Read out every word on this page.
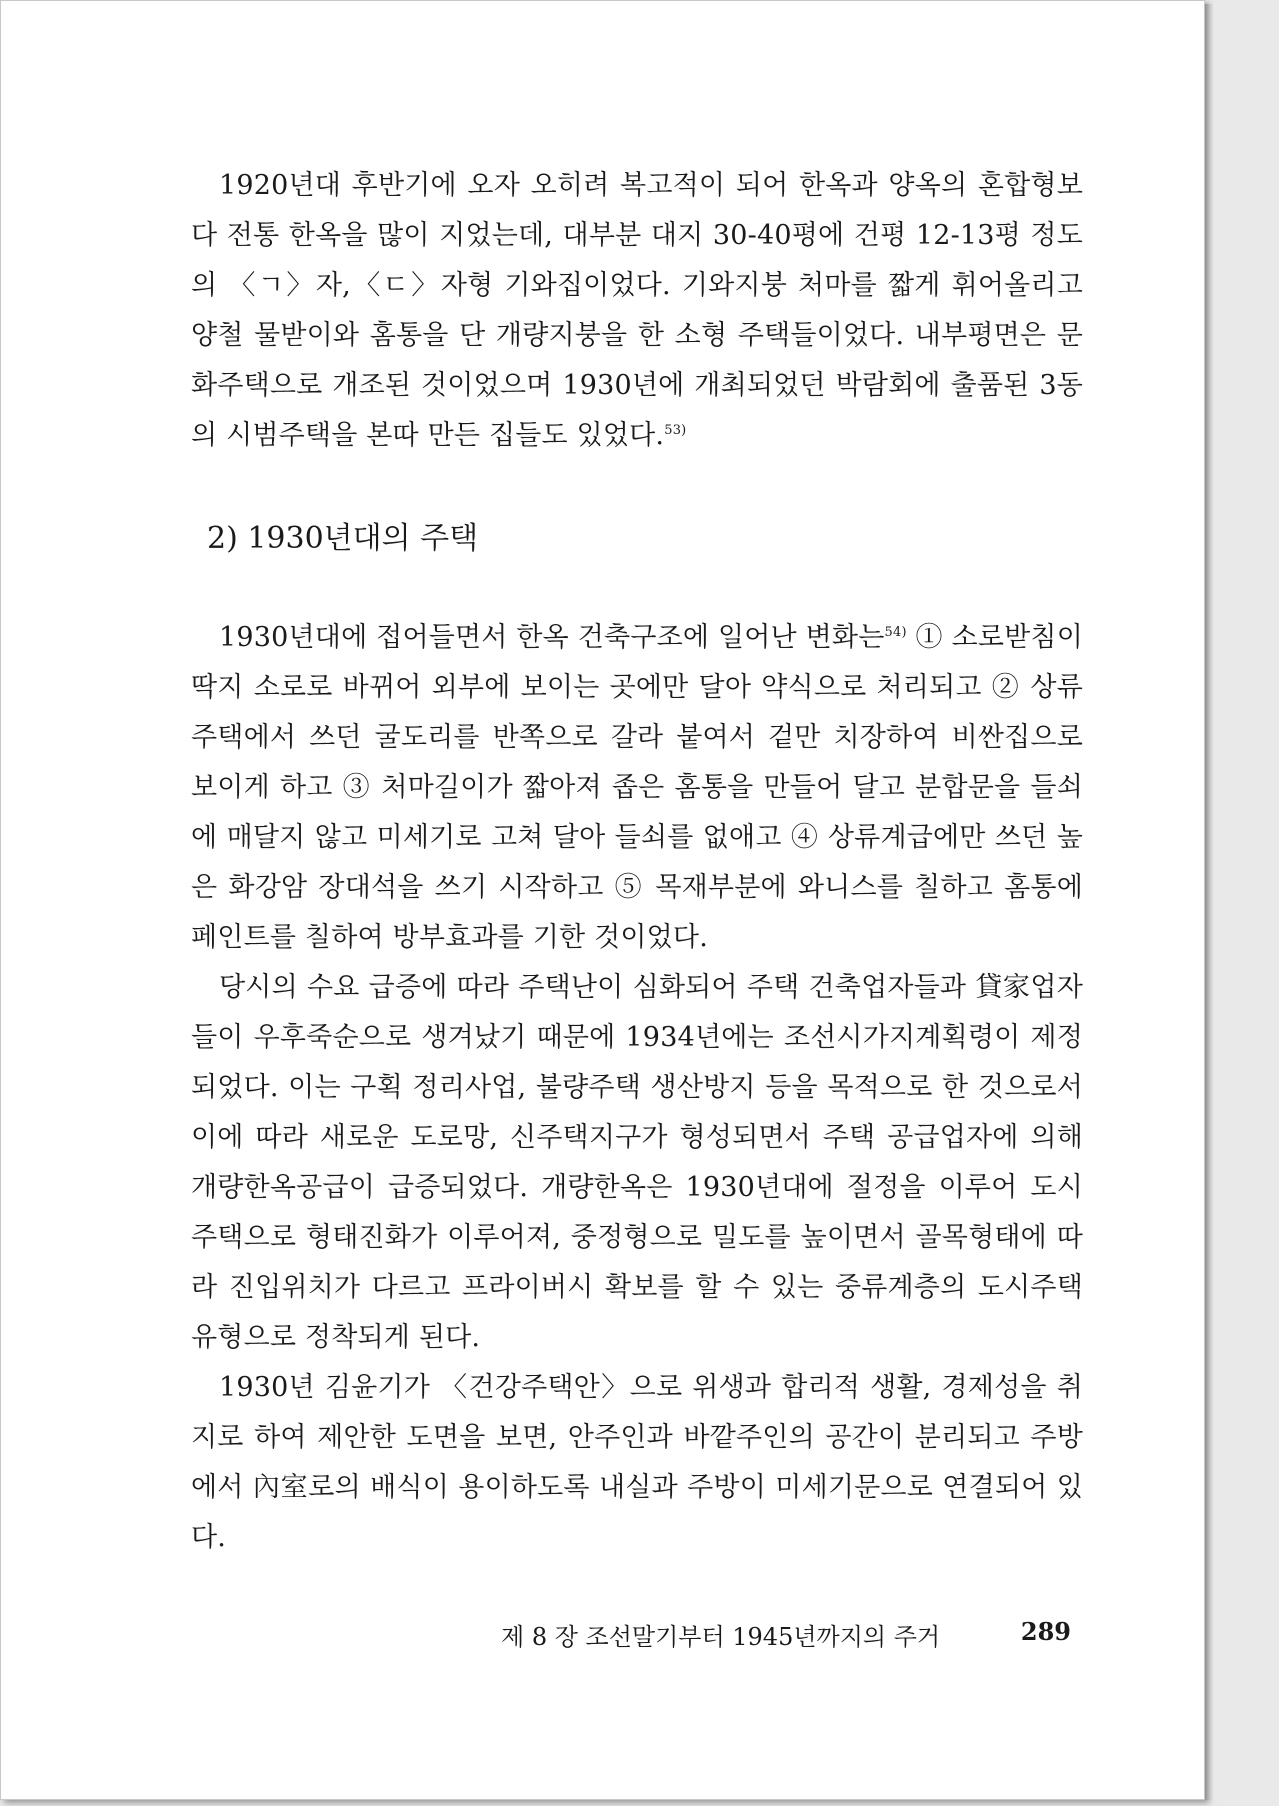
1920년대 후반기에 오자 오히려 복고적이 되어 한옥과 양옥의 혼합형보다 전통 한옥을 많이 지었는데, 대부분 대지 30-40평에 건평 12-13평 정도의 〈ㄱ〉자,〈ㄷ〉자형 기와집이었다. 기와지붕 처마를 짧게 휘어올리고 양철 물받이와 홈통을 단 개량지붕을 한 소형 주택들이었다. 내부평면은 문화주택으로 개조된 것이었으며 1930년에 개최되었던 박람회에 출품된 3동의 시범주택을 본따 만든 집들도 있었다.$^{53)}$

2) 1930년대의 주택

1930년대에 접어들면서 한옥 건축구조에 일어난 변화는$^{54)}$ ① 소로받침이 딱지 소로로 바뀌어 외부에 보이는 곳에만 달아 약식으로 처리되고 ② 상류주택에서 쓰던 굴도리를 반쪽으로 갈라 붙여서 겉만 치장하여 비싼집으로 보이게 하고 ③ 처마길이가 짧아져 좁은 홈통을 만들어 달고 분합문을 들쇠에 매달지 않고 미세기로 고쳐 달아 들쇠를 없애고 ④ 상류계급에만 쓰던 높은 화강암 장대석을 쓰기 시작하고 ⑤ 목재부분에 와니스를 칠하고 홈통에 페인트를 칠하여 방부효과를 기한 것이었다.

당시의 수요 급증에 따라 주택난이 심화되어 주택 건축업자들과 貸家업자들이 우후죽순으로 생겨났기 때문에 1934년에는 조선시가지계획령이 제정되었다. 이는 구획 정리사업, 불량주택 생산방지 등을 목적으로 한 것으로서 이에 따라 새로운 도로망, 신주택지구가 형성되면서 주택 공급업자에 의해 개량한옥공급이 급증되었다. 개량한옥은 1930년대에 절정을 이루어 도시주택으로 형태진화가 이루어져, 중정형으로 밀도를 높이면서 골목형태에 따라 진입위치가 다르고 프라이버시 확보를 할 수 있는 중류계층의 도시주택 유형으로 정착되게 된다.

1930년 김윤기가 〈건강주택안〉으로 위생과 합리적 생활, 경제성을 취지로 하여 제안한 도면을 보면, 안주인과 바깥주인의 공간이 분리되고 주방에서 內室로의 배식이 용이하도록 내실과 주방이 미세기문으로 연결되어 있다.

제 8 장 조선말기부터 1945년까지의 주거	289
